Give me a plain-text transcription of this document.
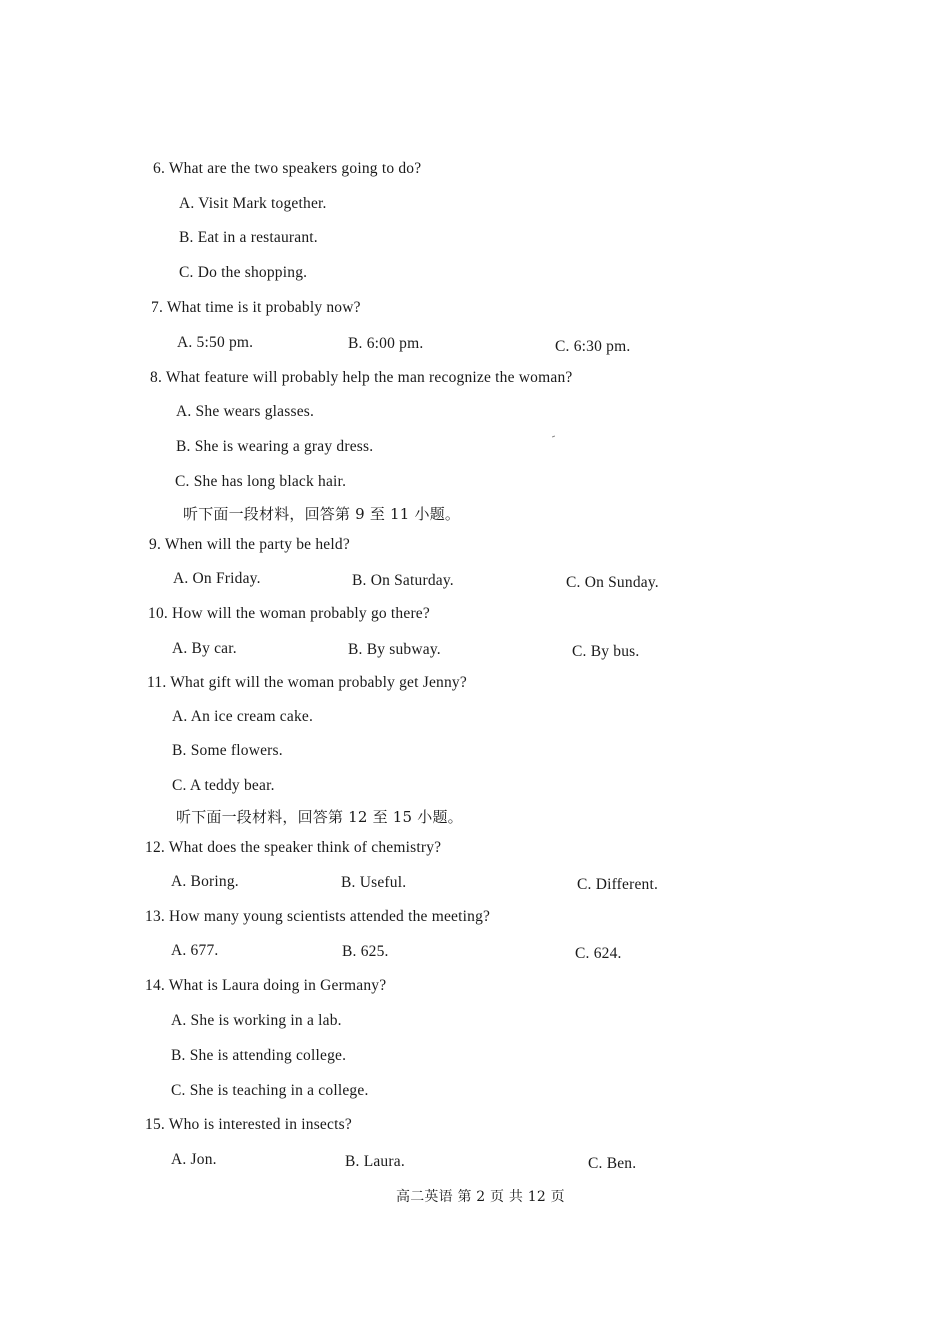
6. What are the two speakers going to do?
A. Visit Mark together.
B. Eat in a restaurant.
C. Do the shopping.
7. What time is it probably now?
A. 5:50 pm.	B. 6:00 pm.	C. 6:30 pm.
8. What feature will probably help the man recognize the woman?
A. She wears glasses.
B. She is wearing a gray dress.
C. She has long black hair.
听下面一段材料，回答第 9 至 11 小题。
9. When will the party be held?
A. On Friday.	B. On Saturday.	C. On Sunday.
10. How will the woman probably go there?
A. By car.	B. By subway.	C. By bus.
11. What gift will the woman probably get Jenny?
A. An ice cream cake.
B. Some flowers.
C. A teddy bear.
听下面一段材料，回答第 12 至 15 小题。
12. What does the speaker think of chemistry?
A. Boring.	B. Useful.	C. Different.
13. How many young scientists attended the meeting?
A. 677.	B. 625.	C. 624.
14. What is Laura doing in Germany?
A. She is working in a lab.
B. She is attending college.
C. She is teaching in a college.
15. Who is interested in insects?
A. Jon.	B. Laura.	C. Ben.
高二英语 第 2 页 共 12 页
